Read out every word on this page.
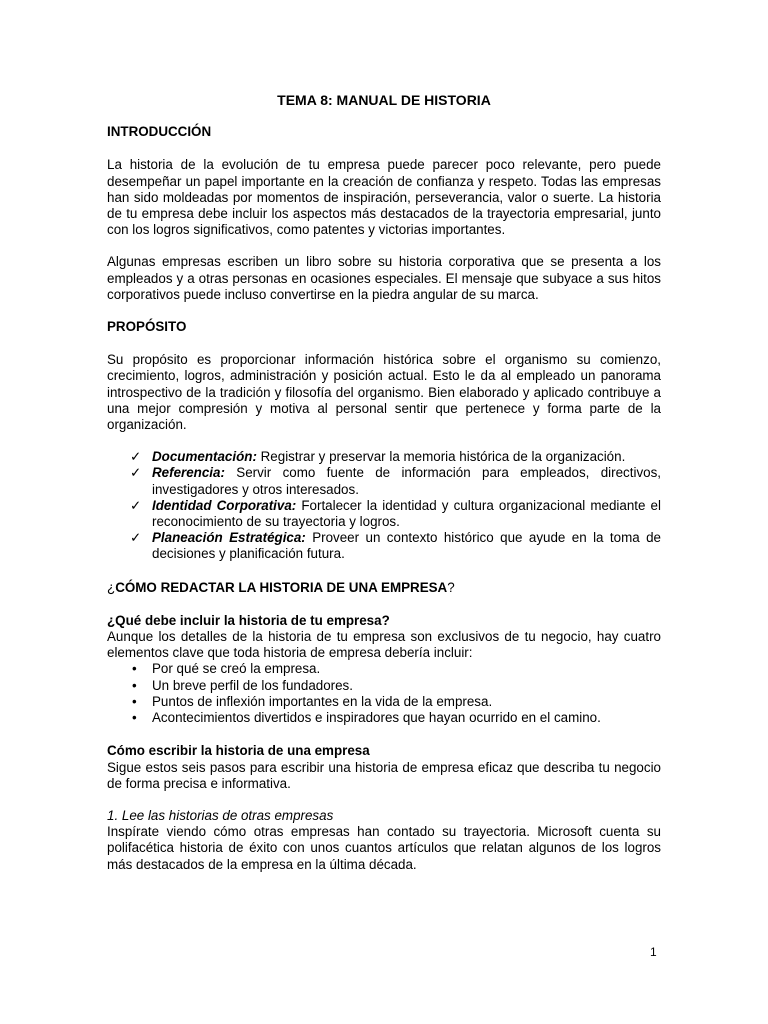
TEMA 8: MANUAL DE HISTORIA
INTRODUCCIÓN

La historia de la evolución de tu empresa puede parecer poco relevante, pero puede desempeñar un papel importante en la creación de confianza y respeto. Todas las empresas han sido moldeadas por momentos de inspiración, perseverancia, valor o suerte. La historia de tu empresa debe incluir los aspectos más destacados de la trayectoria empresarial, junto con los logros significativos, como patentes y victorias importantes.

Algunas empresas escriben un libro sobre su historia corporativa que se presenta a los empleados y a otras personas en ocasiones especiales. El mensaje que subyace a sus hitos corporativos puede incluso convertirse en la piedra angular de su marca.

PROPÓSITO

Su propósito es proporcionar información histórica sobre el organismo su comienzo, crecimiento, logros, administración y posición actual. Esto le da al empleado un panorama introspectivo de la tradición y filosofía del organismo. Bien elaborado y aplicado contribuye a una mejor compresión y motiva al personal sentir que pertenece y forma parte de la organización.

✓ Documentación: Registrar y preservar la memoria histórica de la organización.
✓ Referencia: Servir como fuente de información para empleados, directivos, investigadores y otros interesados.
✓ Identidad Corporativa: Fortalecer la identidad y cultura organizacional mediante el reconocimiento de su trayectoria y logros.
✓ Planeación Estratégica: Proveer un contexto histórico que ayude en la toma de decisiones y planificación futura.
¿CÓMO REDACTAR LA HISTORIA DE UNA EMPRESA?
¿Qué debe incluir la historia de tu empresa?

Aunque los detalles de la historia de tu empresa son exclusivos de tu negocio, hay cuatro elementos clave que toda historia de empresa debería incluir:

• Por qué se creó la empresa.
• Un breve perfil de los fundadores.
• Puntos de inflexión importantes en la vida de la empresa.
• Acontecimientos divertidos e inspiradores que hayan ocurrido en el camino.
Cómo escribir la historia de una empresa

Sigue estos seis pasos para escribir una historia de empresa eficaz que describa tu negocio de forma precisa e informativa.

1. Lee las historias de otras empresas

Inspírate viendo cómo otras empresas han contado su trayectoria. Microsoft cuenta su polifacética historia de éxito con unos cuantos artículos que relatan algunos de los logros más destacados de la empresa en la última década.

1
